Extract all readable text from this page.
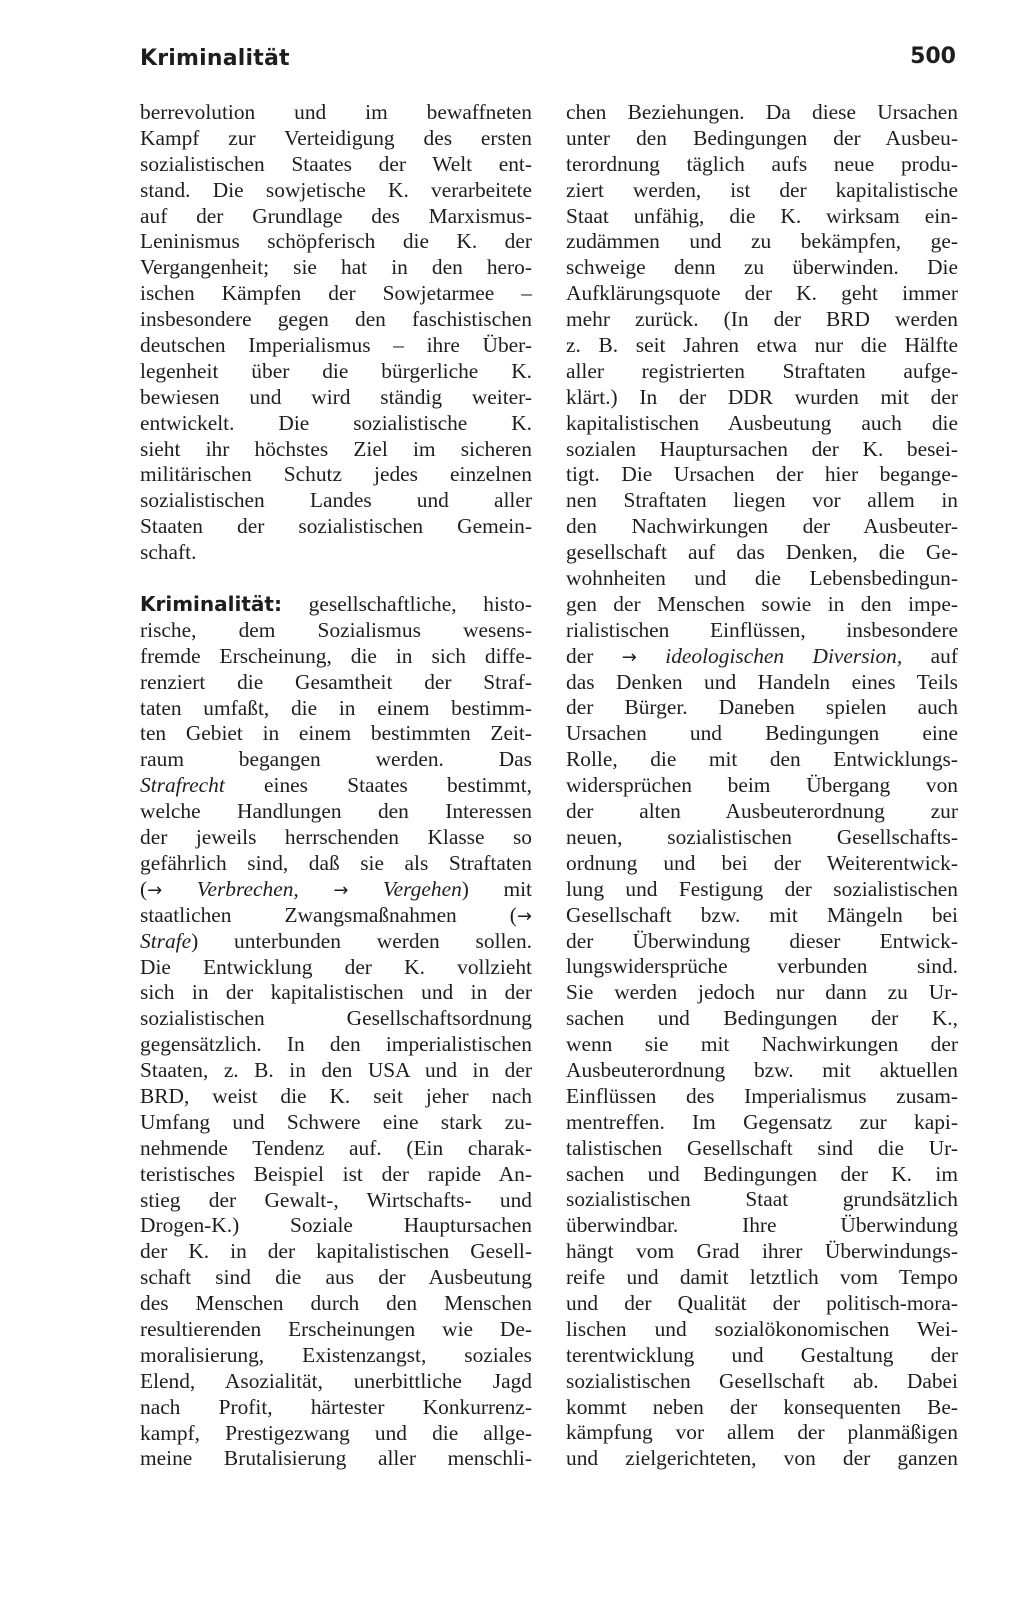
Kriminalität	500

berrevolution und im bewaffneten
Kampf zur Verteidigung des ersten
sozialistischen Staates der Welt ent-
stand. Die sowjetische K. verarbeitete
auf der Grundlage des Marxismus-
Leninismus schöpferisch die K. der
Vergangenheit; sie hat in den hero-
ischen Kämpfen der Sowjetarmee –
insbesondere gegen den faschistischen
deutschen Imperialismus – ihre Über-
legenheit über die bürgerliche K.
bewiesen und wird ständig weiter-
entwickelt. Die sozialistische K.
sieht ihr höchstes Ziel im sicheren
militärischen Schutz jedes einzelnen
sozialistischen Landes und aller
Staaten der sozialistischen Gemein-
schaft.

Kriminalität: gesellschaftliche, histo-
rische, dem Sozialismus wesens-
fremde Erscheinung, die in sich diffe-
renziert die Gesamtheit der Straf-
taten umfaßt, die in einem bestimm-
ten Gebiet in einem bestimmten Zeit-
raum begangen werden. Das
Strafrecht eines Staates bestimmt,
welche Handlungen den Interessen
der jeweils herrschenden Klasse so
gefährlich sind, daß sie als Straftaten
(→ Verbrechen, → Vergehen) mit
staatlichen Zwangsmaßnahmen (→
Strafe) unterbunden werden sollen.
Die Entwicklung der K. vollzieht
sich in der kapitalistischen und in der
sozialistischen Gesellschaftsordnung
gegensätzlich. In den imperialistischen
Staaten, z. B. in den USA und in der
BRD, weist die K. seit jeher nach
Umfang und Schwere eine stark zu-
nehmende Tendenz auf. (Ein charak-
teristisches Beispiel ist der rapide An-
stieg der Gewalt-, Wirtschafts- und
Drogen-K.) Soziale Hauptursachen
der K. in der kapitalistischen Gesell-
schaft sind die aus der Ausbeutung
des Menschen durch den Menschen
resultierenden Erscheinungen wie De-
moralisierung, Existenzangst, soziales
Elend, Asozialität, unerbittliche Jagd
nach Profit, härtester Konkurrenz-
kampf, Prestigezwang und die allge-
meine Brutalisierung aller menschli-

chen Beziehungen. Da diese Ursachen
unter den Bedingungen der Ausbeu-
terordnung täglich aufs neue produ-
ziert werden, ist der kapitalistische
Staat unfähig, die K. wirksam ein-
zudämmen und zu bekämpfen, ge-
schweige denn zu überwinden. Die
Aufklärungsquote der K. geht immer
mehr zurück. (In der BRD werden
z. B. seit Jahren etwa nur die Hälfte
aller registrierten Straftaten aufge-
klärt.) In der DDR wurden mit der
kapitalistischen Ausbeutung auch die
sozialen Hauptursachen der K. besei-
tigt. Die Ursachen der hier begange-
nen Straftaten liegen vor allem in
den Nachwirkungen der Ausbeuter-
gesellschaft auf das Denken, die Ge-
wohnheiten und die Lebensbedingun-
gen der Menschen sowie in den impe-
rialistischen Einflüssen, insbesondere
der → ideologischen Diversion, auf
das Denken und Handeln eines Teils
der Bürger. Daneben spielen auch
Ursachen und Bedingungen eine
Rolle, die mit den Entwicklungs-
widersprüchen beim Übergang von
der alten Ausbeuterordnung zur
neuen, sozialistischen Gesellschafts-
ordnung und bei der Weiterentwick-
lung und Festigung der sozialistischen
Gesellschaft bzw. mit Mängeln bei
der Überwindung dieser Entwick-
lungswidersprüche verbunden sind.
Sie werden jedoch nur dann zu Ur-
sachen und Bedingungen der K.,
wenn sie mit Nachwirkungen der
Ausbeuterordnung bzw. mit aktuellen
Einflüssen des Imperialismus zusam-
mentreffen. Im Gegensatz zur kapi-
talistischen Gesellschaft sind die Ur-
sachen und Bedingungen der K. im
sozialistischen Staat grundsätzlich
überwindbar. Ihre Überwindung
hängt vom Grad ihrer Überwindungs-
reife und damit letztlich vom Tempo
und der Qualität der politisch-mora-
lischen und sozialökonomischen Wei-
terentwicklung und Gestaltung der
sozialistischen Gesellschaft ab. Dabei
kommt neben der konsequenten Be-
kämpfung vor allem der planmäßigen
und zielgerichteten, von der ganzen
